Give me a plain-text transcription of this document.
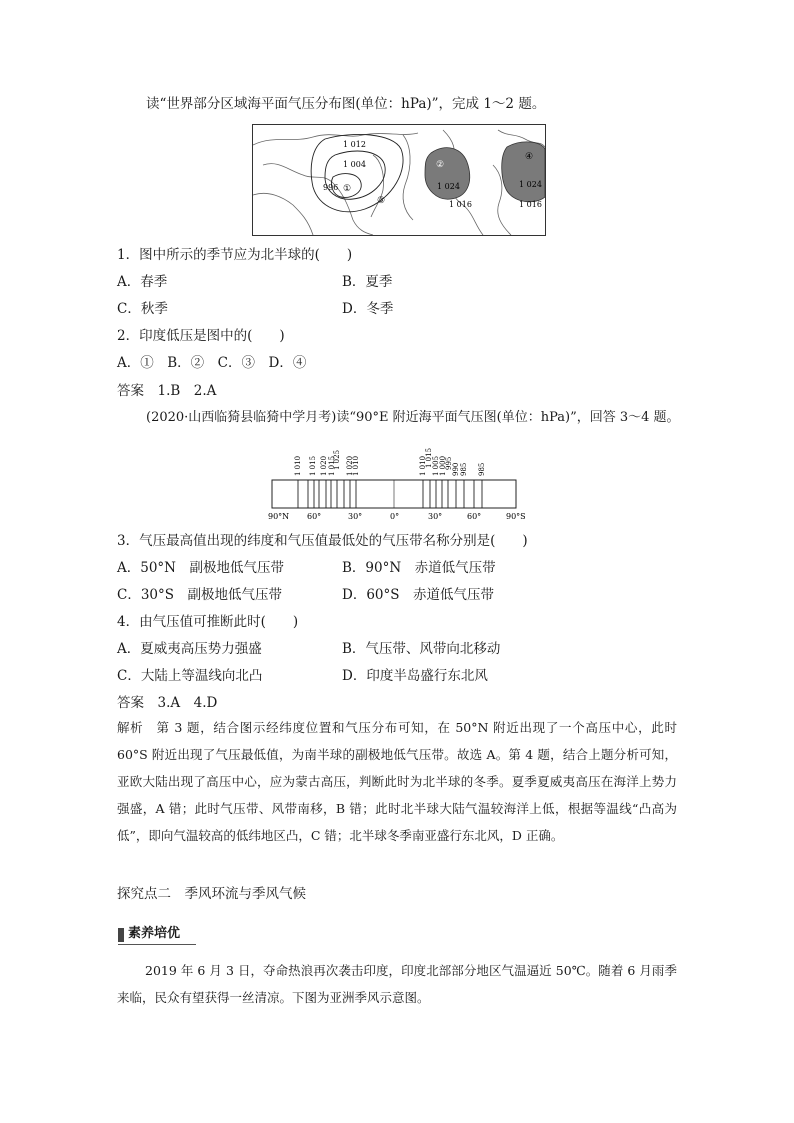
读“世界部分区域海平面气压分布图(单位：hPa)”，完成 1～2 题。
1 012
1 004
996 ①
②
③
④
1 024
1 016
1 024
1 016
1．图中所示的季节应为北半球的(　　)
A．春季	B．夏季
C．秋季	D．冬季
2．印度低压是图中的(　　)
A．①　B．②　C．③　D．④
答案　1.B　2.A
(2020·山西临猗县临猗中学月考)读“90°E 附近海平面气压图(单位：hPa)”，回答 3～4 题。
1 010 1 015 1 020 1 025 1 020
1 015 1 010	1 010
1 015 1 005 1 000
995 990 985 985
90°N 60°	30°	0°	30°	60°	90°S
3．气压最高值出现的纬度和气压值最低处的气压带名称分别是(　　)
A．50°N　副极地低气压带	B．90°N　赤道低气压带
C．30°S　副极地低气压带	D．60°S　赤道低气压带
4．由气压值可推断此时(　　)
A．夏威夷高压势力强盛	B．气压带、风带向北移动
C．大陆上等温线向北凸	D．印度半岛盛行东北风
答案　3.A　4.D
解析　第 3 题，结合图示经纬度位置和气压分布可知，在 50°N 附近出现了一个高压中心，此时 60°S 附近出现了气压最低值，为南半球的副极地低气压带。故选 A。第 4 题，结合上题分析可知，亚欧大陆出现了高压中心，应为蒙古高压，判断此时为北半球的冬季。夏季夏威夷高压在海洋上势力强盛，A 错；此时气压带、风带南移，B 错；此时北半球大陆气温较海洋上低，根据等温线“凸高为低”，即向气温较高的低纬地区凸，C 错；北半球冬季南亚盛行东北风，D 正确。
探究点二　季风环流与季风气候
素养培优
2019 年 6 月 3 日，夺命热浪再次袭击印度，印度北部部分地区气温逼近 50℃。随着 6 月雨季来临，民众有望获得一丝清凉。下图为亚洲季风示意图。
